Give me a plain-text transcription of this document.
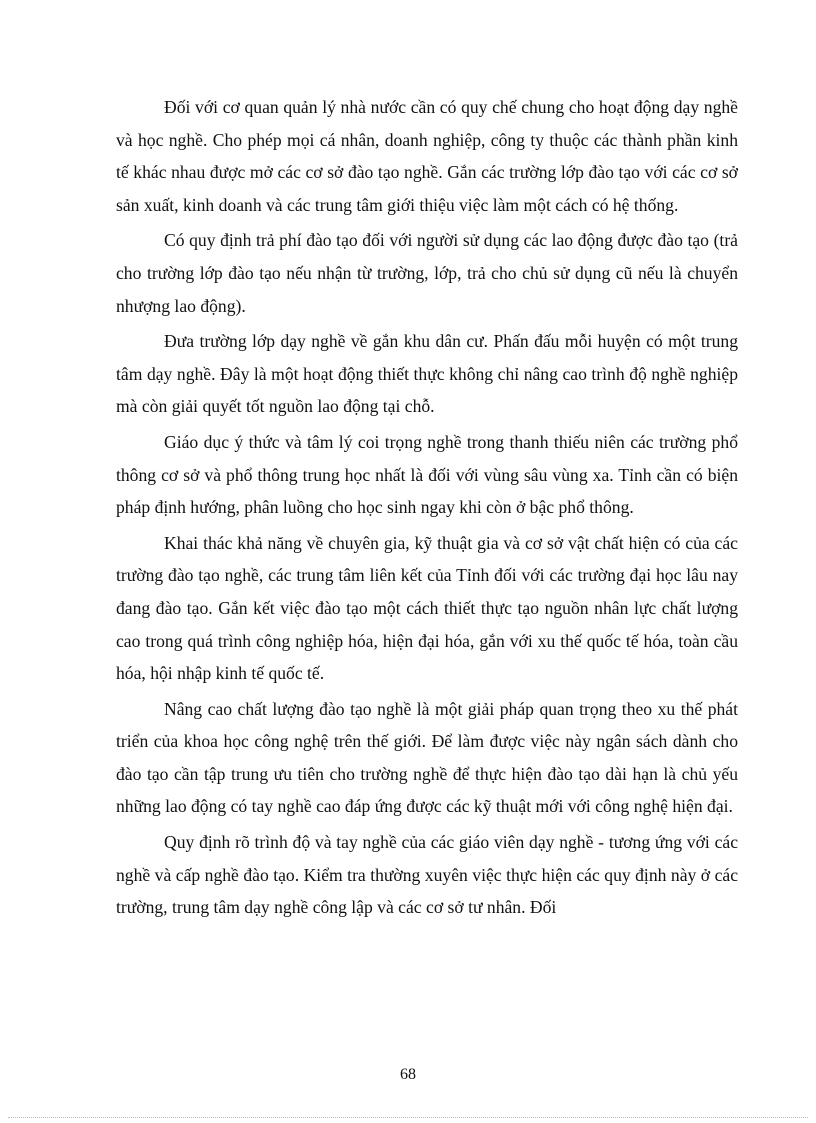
Đối với cơ quan quản lý nhà nước cần có quy chế chung cho hoạt động dạy nghề và học nghề. Cho phép mọi cá nhân, doanh nghiệp, công ty thuộc các thành phần kinh tế khác nhau được mở các cơ sở đào tạo nghề. Gắn các trường lớp đào tạo với các cơ sở sản xuất, kinh doanh và các trung tâm giới thiệu việc làm một cách có hệ thống.

Có quy định trả phí đào tạo đối với người sử dụng các lao động được đào tạo (trả cho trường lớp đào tạo nếu nhận từ trường, lớp, trả cho chủ sử dụng cũ nếu là chuyển nhượng lao động).

Đưa trường lớp dạy nghề về gắn khu dân cư. Phấn đấu mỗi huyện có một trung tâm dạy nghề. Đây là một hoạt động thiết thực không chỉ nâng cao trình độ nghề nghiệp mà còn giải quyết tốt nguồn lao động tại chỗ.

Giáo dục ý thức và tâm lý coi trọng nghề trong thanh thiếu niên các trường phổ thông cơ sở và phổ thông trung học nhất là đối với vùng sâu vùng xa. Tỉnh cần có biện pháp định hướng, phân luồng cho học sinh ngay khi còn ở bậc phổ thông.

Khai thác khả năng về chuyên gia, kỹ thuật gia và cơ sở vật chất hiện có của các trường đào tạo nghề, các trung tâm liên kết của Tỉnh đối với các trường đại học lâu nay đang đào tạo. Gắn kết việc đào tạo một cách thiết thực tạo nguồn nhân lực chất lượng cao trong quá trình công nghiệp hóa, hiện đại hóa, gắn với xu thế quốc tế hóa, toàn cầu hóa, hội nhập kinh tế quốc tế.

Nâng cao chất lượng đào tạo nghề là một giải pháp quan trọng theo xu thế phát triển của khoa học công nghệ trên thế giới. Để làm được việc này ngân sách dành cho đào tạo cần tập trung ưu tiên cho trường nghề để thực hiện đào tạo dài hạn là chủ yếu những lao động có tay nghề cao đáp ứng được các kỹ thuật mới với công nghệ hiện đại.

Quy định rõ trình độ và tay nghề của các giáo viên dạy nghề - tương ứng với các nghề và cấp nghề đào tạo. Kiểm tra thường xuyên việc thực hiện các quy định này ở các trường, trung tâm dạy nghề công lập và các cơ sở tư nhân. Đối

68
